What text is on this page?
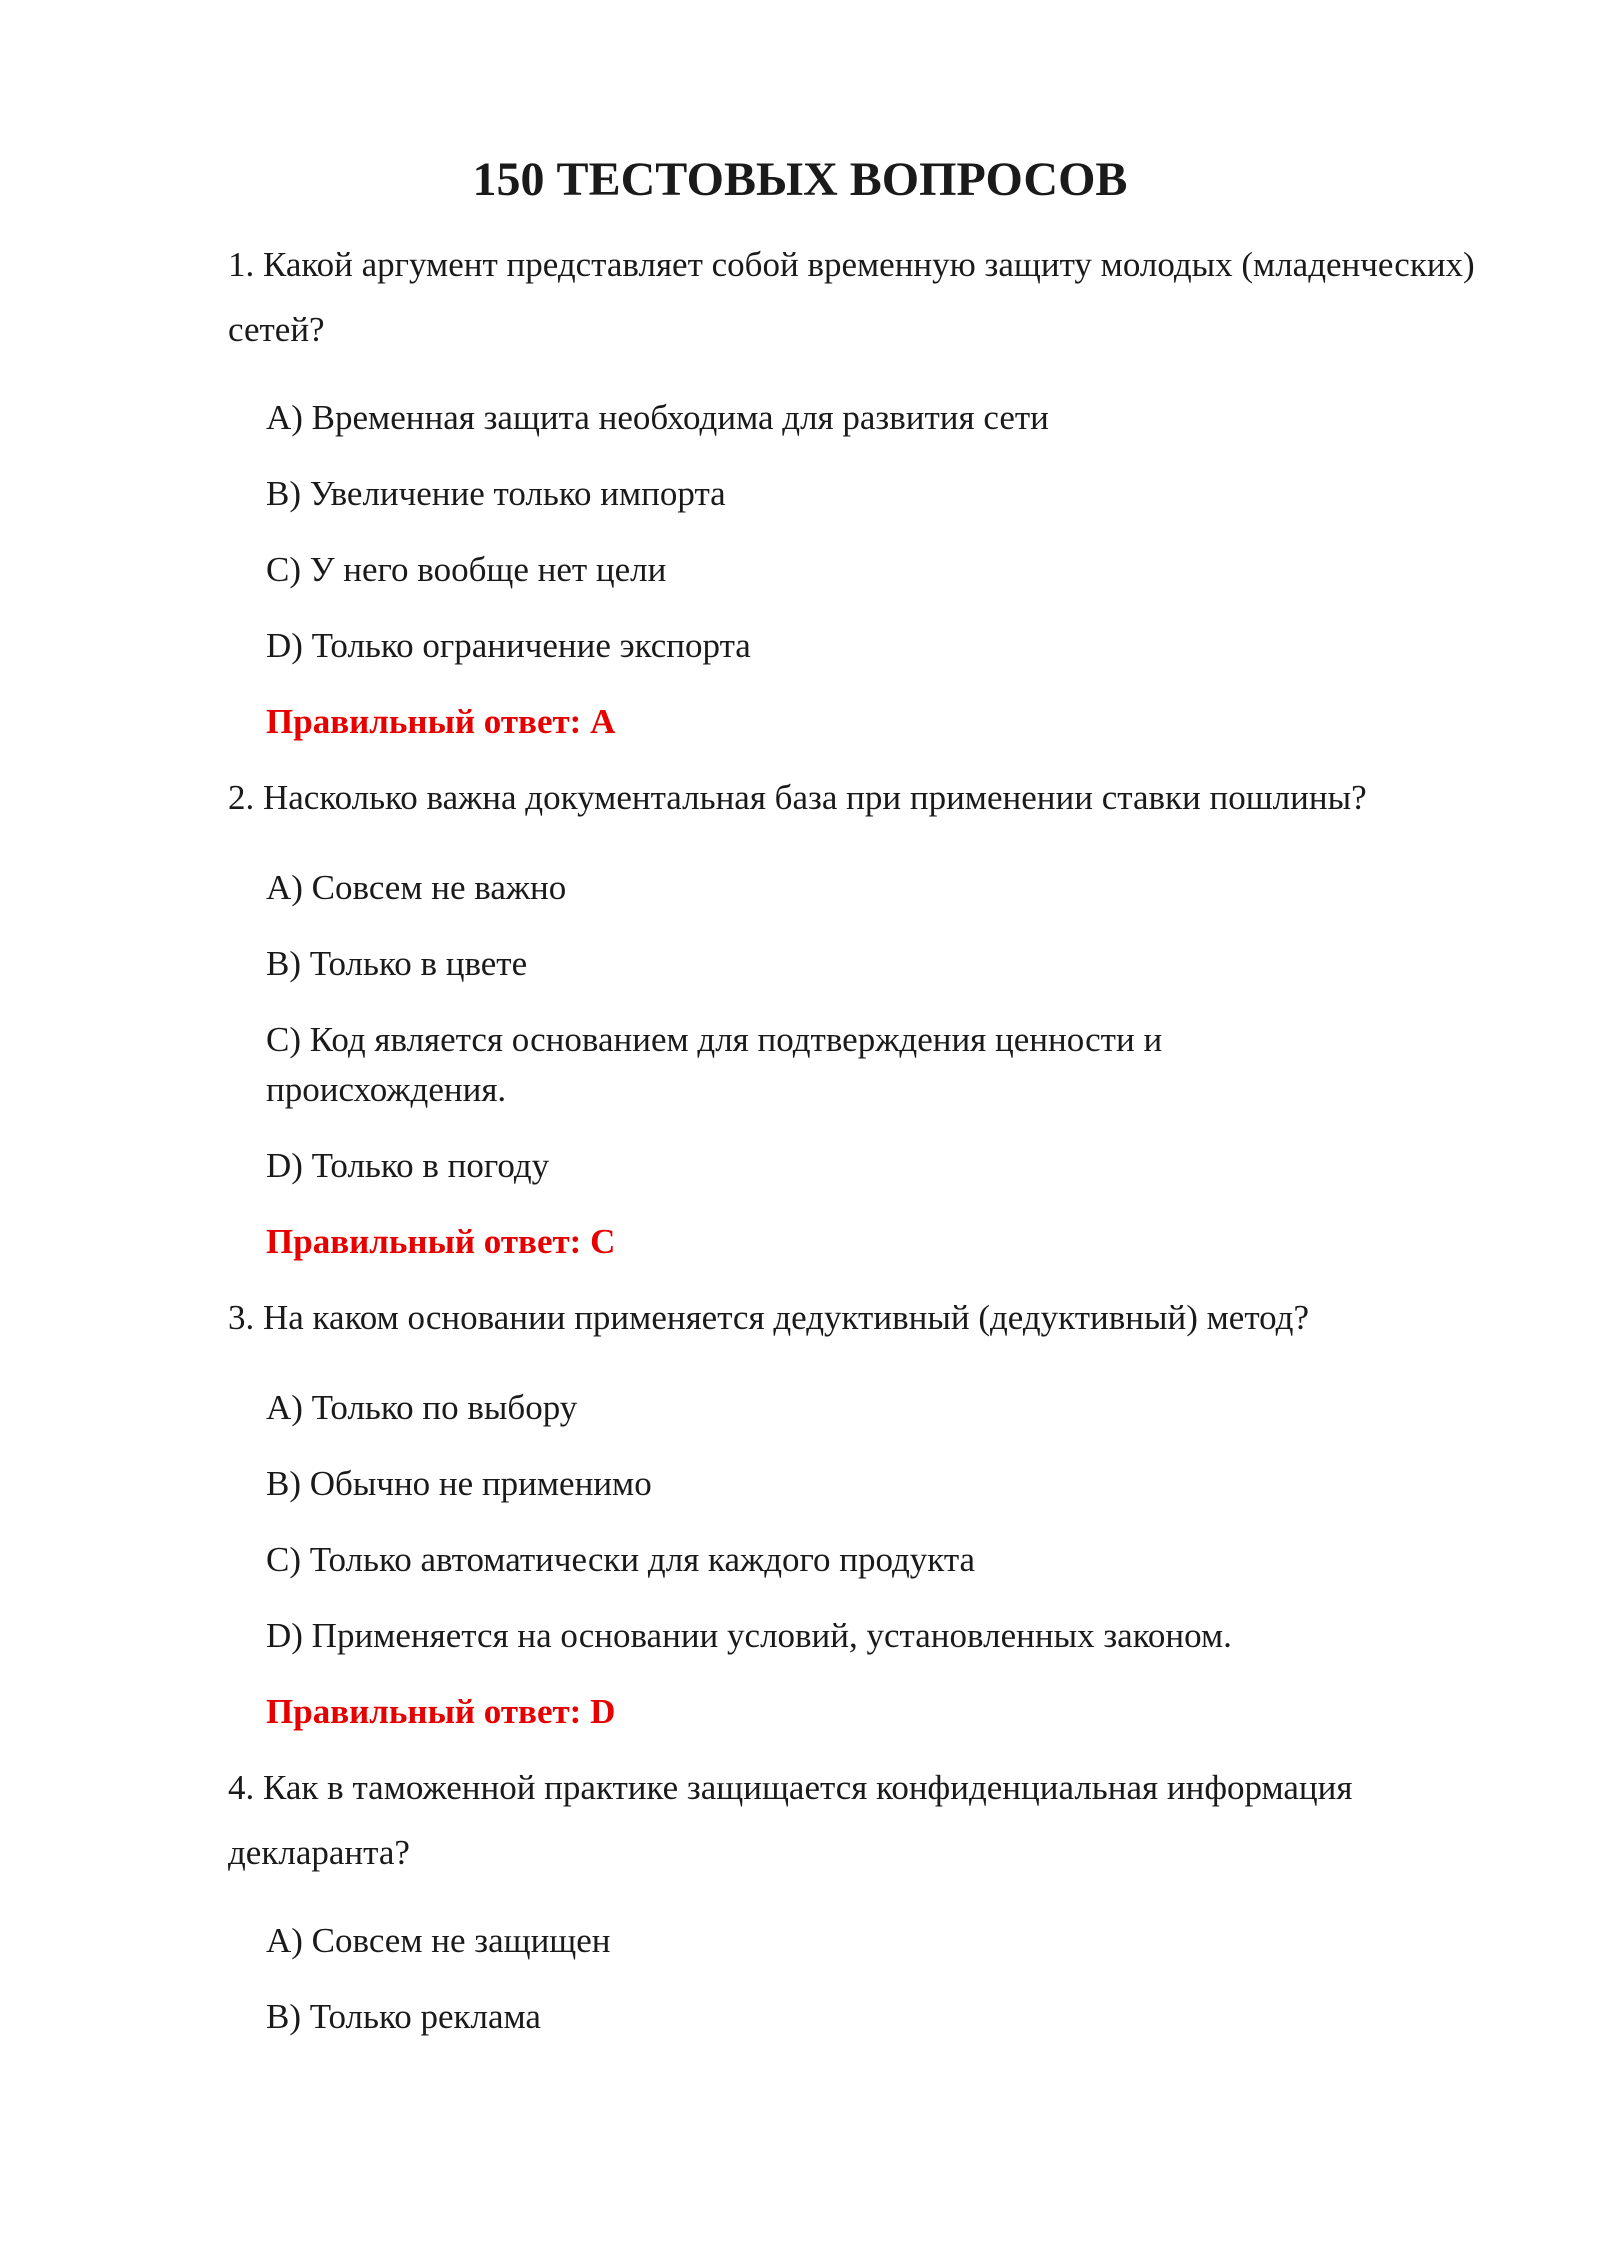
150 ТЕСТОВЫХ ВОПРОСОВ

1. Какой аргумент представляет собой временную защиту молодых (младенческих) сетей?

A) Временная защита необходима для развития сети

B) Увеличение только импорта

C) У него вообще нет цели

D) Только ограничение экспорта

Правильный ответ: A

2. Насколько важна документальная база при применении ставки пошлины?

A) Совсем не важно

B) Только в цвете

C) Код является основанием для подтверждения ценности и происхождения.

D) Только в погоду

Правильный ответ: C

3. На каком основании применяется дедуктивный (дедуктивный) метод?

A) Только по выбору

B) Обычно не применимо

C) Только автоматически для каждого продукта

D) Применяется на основании условий, установленных законом.

Правильный ответ: D

4. Как в таможенной практике защищается конфиденциальная информация декларанта?

A) Совсем не защищен

B) Только реклама
